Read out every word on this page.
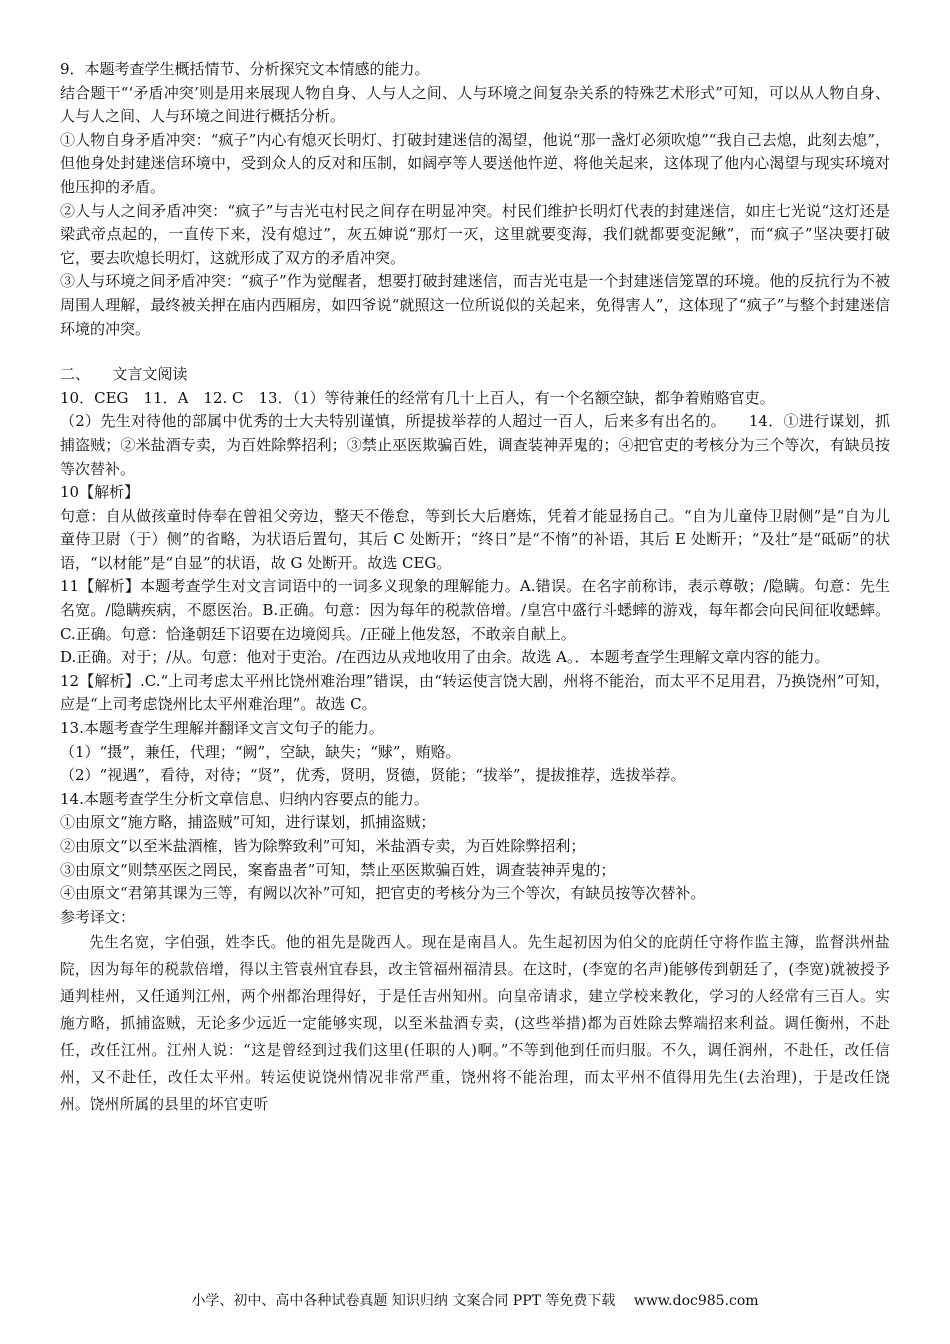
9．本题考查学生概括情节、分析探究文本情感的能力。

结合题干“‘矛盾冲突’则是用来展现人物自身、人与人之间、人与环境之间复杂关系的特殊艺术形式”可知，可以从人物自身、人与人之间、人与环境之间进行概括分析。

①人物自身矛盾冲突：“疯子”内心有熄灭长明灯、打破封建迷信的渴望，他说“那一盏灯必须吹熄”“我自己去熄，此刻去熄”，但他身处封建迷信环境中，受到众人的反对和压制，如阔亭等人要送他忤逆、将他关起来，这体现了他内心渴望与现实环境对他压抑的矛盾。

②人与人之间矛盾冲突：“疯子”与吉光屯村民之间存在明显冲突。村民们维护长明灯代表的封建迷信，如庄七光说“这灯还是梁武帝点起的，一直传下来，没有熄过”，灰五婶说“那灯一灭，这里就要变海，我们就都要变泥鳅”，而“疯子”坚决要打破它，要去吹熄长明灯，这就形成了双方的矛盾冲突。

③人与环境之间矛盾冲突：“疯子”作为觉醒者，想要打破封建迷信，而吉光屯是一个封建迷信笼罩的环境。他的反抗行为不被周围人理解，最终被关押在庙内西厢房，如四爷说“就照这一位所说似的关起来，免得害人”，这体现了“疯子”与整个封建迷信环境的冲突。

二、　　文言文阅读

10．CEG　11．A　12. C　13．（1）等待兼任的经常有几十上百人，有一个名额空缺，都争着贿赂官吏。

（2）先生对待他的部属中优秀的士大夫特别谨慎，所提拔举荐的人超过一百人，后来多有出名的。　　14．①进行谋划，抓捕盗贼；②米盐酒专卖，为百姓除弊招利；③禁止巫医欺骗百姓，调查装神弄鬼的；④把官吏的考核分为三个等次，有缺员按等次替补。

10【解析】

句意：自从做孩童时侍奉在曾祖父旁边，整天不倦怠，等到长大后磨炼，凭着才能显扬自己。“自为儿童侍卫尉侧”是“自为儿童侍卫尉（于）侧”的省略，为状语后置句，其后 C 处断开；“终日”是“不惰”的补语，其后 E 处断开；“及壮”是“砥砺”的状语，“以材能”是“自显”的状语，故 G 处断开。故选 CEG。

11【解析】本题考查学生对文言词语中的一词多义现象的理解能力。A.错误。在名字前称讳，表示尊敬；/隐瞒。句意：先生名宽。/隐瞒疾病，不愿医治。B.正确。句意：因为每年的税款倍增。/皇宫中盛行斗蟋蟀的游戏，每年都会向民间征收蟋蟀。C.正确。句意：恰逢朝廷下诏要在边境阅兵。/正碰上他发怒，不敢亲自献上。

D.正确。对于；/从。句意：他对于吏治。/在西边从戎地收用了由余。故选 A。．本题考查学生理解文章内容的能力。

12【解析】.C.“上司考虑太平州比饶州难治理”错误，由“转运使言饶大剧，州将不能治，而太平不足用君，乃换饶州”可知，应是“上司考虑饶州比太平州难治理”。故选 C。

13.本题考查学生理解并翻译文言文句子的能力。

（1）“摄”，兼任，代理；“阙”，空缺，缺失；“赇”，贿赂。

（2）“视遇”，看待，对待；“贤”，优秀，贤明，贤德，贤能；“拔举”，提拔推荐，选拔举荐。

14.本题考查学生分析文章信息、归纳内容要点的能力。

①由原文“施方略，捕盗贼”可知，进行谋划，抓捕盗贼；

②由原文“以至米盐酒榷，皆为除弊致利”可知，米盐酒专卖，为百姓除弊招利；

③由原文“则禁巫医之罔民，案畜蛊者”可知，禁止巫医欺骗百姓，调查装神弄鬼的；

④由原文“君第其课为三等，有阙以次补”可知，把官吏的考核分为三个等次，有缺员按等次替补。

参考译文：

先生名宽，字伯强，姓李氏。他的祖先是陇西人。现在是南昌人。先生起初因为伯父的庇荫任守将作监主簿，监督洪州盐院，因为每年的税款倍增，得以主管袁州宜春县，改主管福州福清县。在这时，(李宽的名声)能够传到朝廷了，(李宽)就被授予通判桂州，又任通判江州，两个州都治理得好，于是任吉州知州。向皇帝请求，建立学校来教化，学习的人经常有三百人。实施方略，抓捕盗贼，无论多少远近一定能够实现，以至米盐酒专卖，(这些举措)都为百姓除去弊端招来利益。调任衡州，不赴任，改任江州。江州人说：“这是曾经到过我们这里(任职的人)啊。”不等到他到任而归服。不久，调任润州，不赴任，改任信州，又不赴任，改任太平州。转运使说饶州情况非常严重，饶州将不能治理，而太平州不值得用先生(去治理)，于是改任饶州。饶州所属的县里的坏官吏听

小学、初中、高中各种试卷真题 知识归纳 文案合同 PPT 等免费下载　 www.doc985.com
